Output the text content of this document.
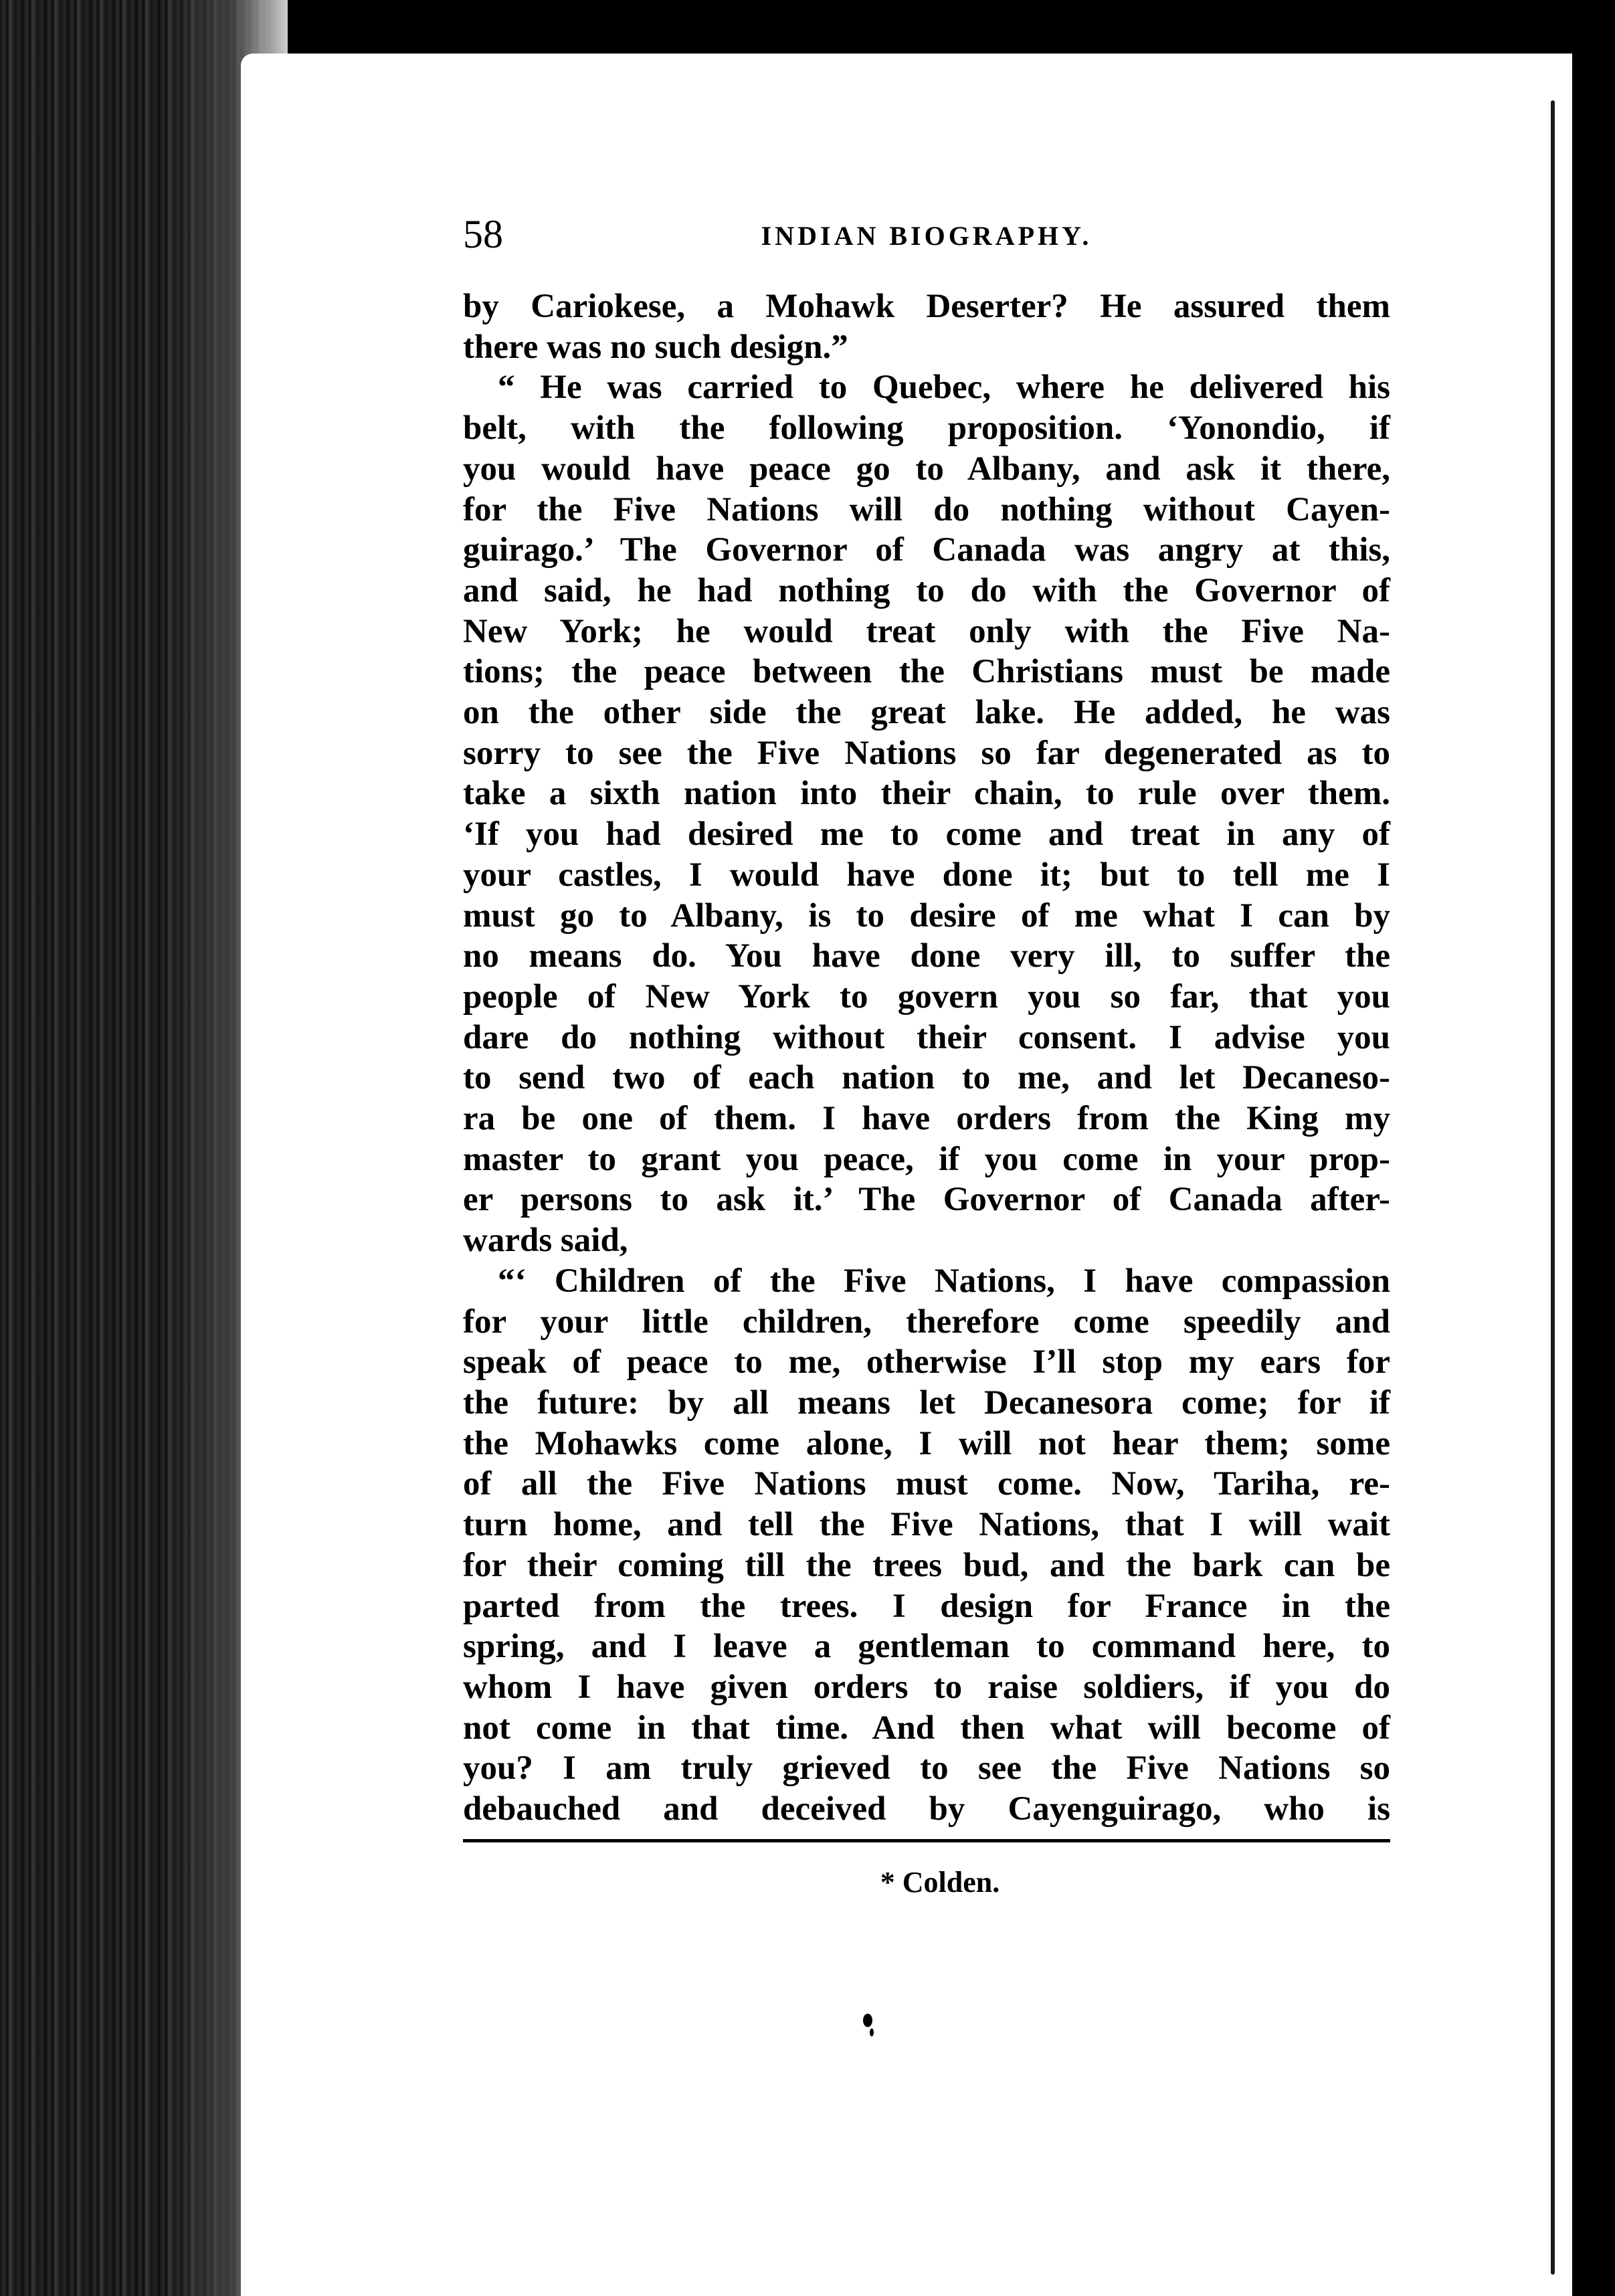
58	INDIAN BIOGRAPHY.
by Cariokese, a Mohawk Deserter? He assured them
there was no such design.”
“ He was carried to Quebec, where he delivered his
belt, with the following proposition. ‘Yonondio, if
you would have peace go to Albany, and ask it there,
for the Five Nations will do nothing without Cayen-
guirago.’ The Governor of Canada was angry at this,
and said, he had nothing to do with the Governor of
New York; he would treat only with the Five Na-
tions; the peace between the Christians must be made
on the other side the great lake. He added, he was
sorry to see the Five Nations so far degenerated as to
take a sixth nation into their chain, to rule over them.
‘If you had desired me to come and treat in any of
your castles, I would have done it; but to tell me I
must go to Albany, is to desire of me what I can by
no means do. You have done very ill, to suffer the
people of New York to govern you so far, that you
dare do nothing without their consent. I advise you
to send two of each nation to me, and let Decaneso-
ra be one of them. I have orders from the King my
master to grant you peace, if you come in your prop-
er persons to ask it.’ The Governor of Canada after-
wards said,
“‘ Children of the Five Nations, I have compassion
for your little children, therefore come speedily and
speak of peace to me, otherwise I’ll stop my ears for
the future: by all means let Decanesora come; for if
the Mohawks come alone, I will not hear them; some
of all the Five Nations must come. Now, Tariha, re-
turn home, and tell the Five Nations, that I will wait
for their coming till the trees bud, and the bark can be
parted from the trees. I design for France in the
spring, and I leave a gentleman to command here, to
whom I have given orders to raise soldiers, if you do
not come in that time. And then what will become of
you? I am truly grieved to see the Five Nations so
debauched and deceived by Cayenguirago, who is
* Colden.
